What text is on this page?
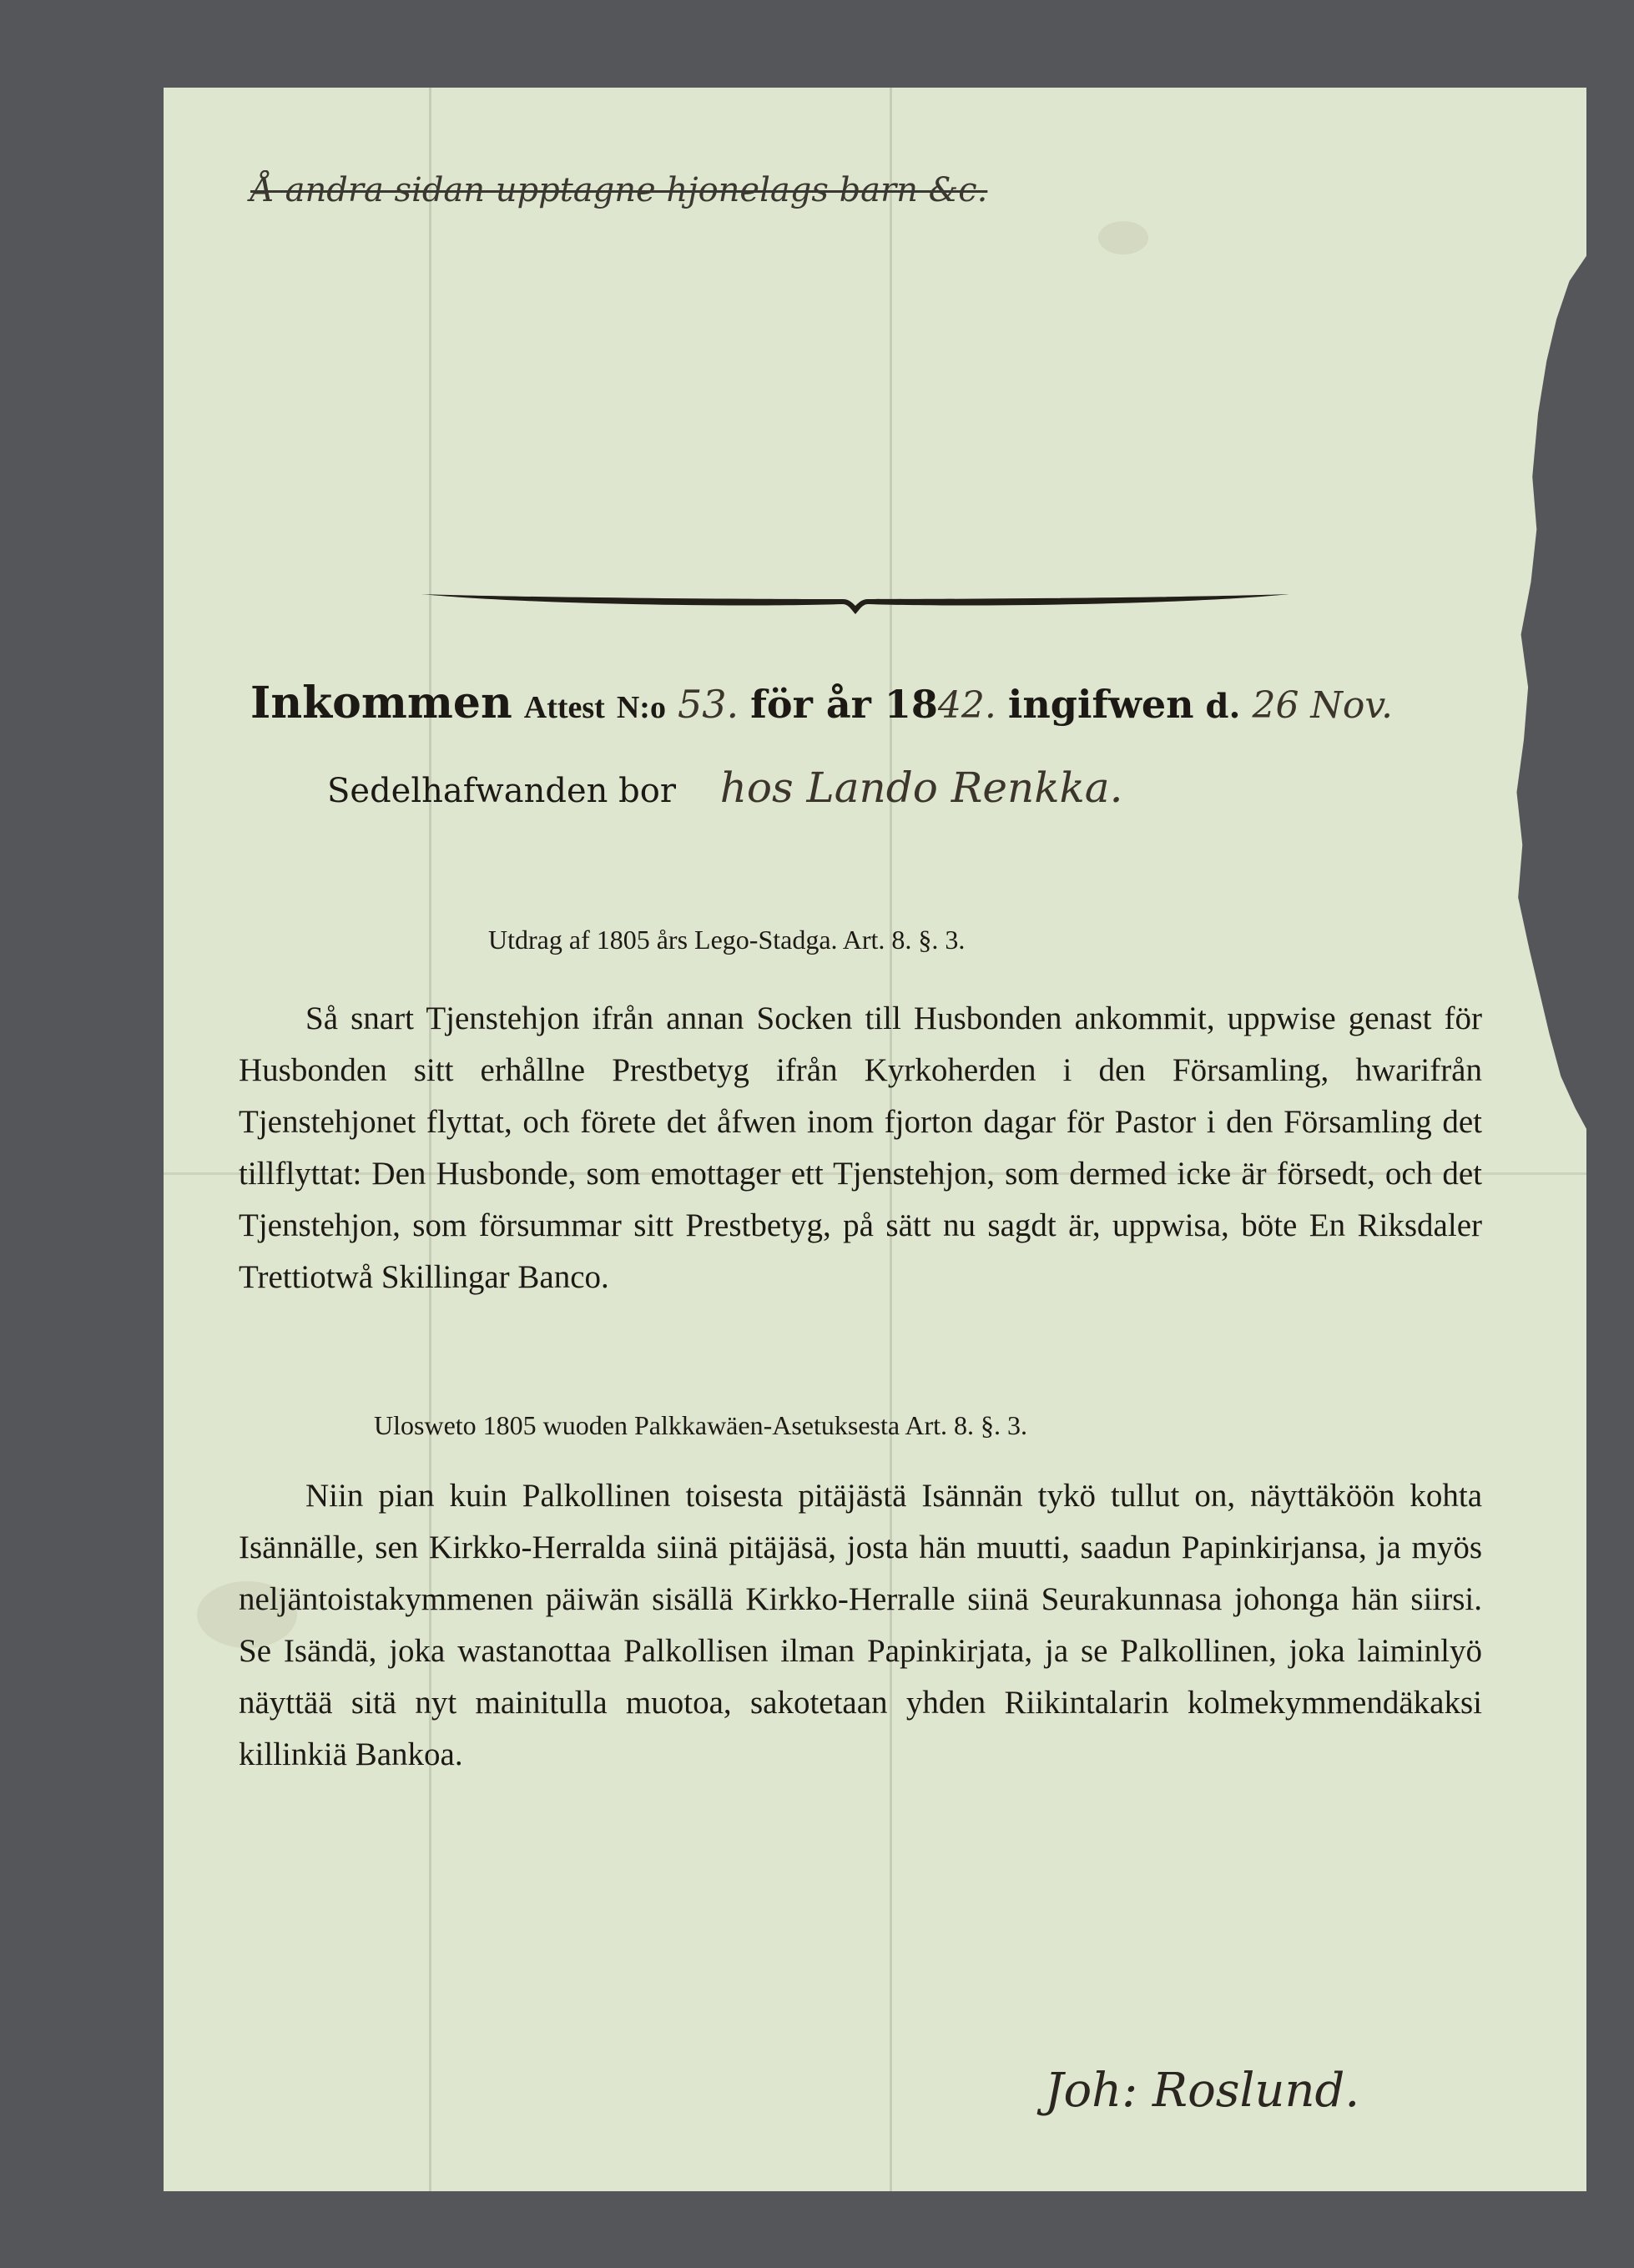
Å andra sidan upptagne hjonelags barn &c.
Inkommen Attest N:o 53. för år 1842. ingifwen d. 26 Nov.
Sedelhafwanden bor hos Lando Renkka.
Utdrag af 1805 års Lego-Stadga. Art. 8. §. 3.
Så snart Tjenstehjon ifrån annan Socken till Husbonden ankommit, uppwise genast för Husbonden sitt erhållne Prestbetyg ifrån Kyrkoherden i den Församling, hwarifrån Tjenstehjonet flyttat, och förete det åfwen inom fjorton dagar för Pastor i den Församling det tillflyttat: Den Husbonde, som emottager ett Tjenstehjon, som dermed icke är försedt, och det Tjenstehjon, som försummar sitt Prestbetyg, på sätt nu sagdt är, uppwisa, böte En Riksdaler Trettiotwå Skillingar Banco.
Ulosweto 1805 wuoden Palkkawäen-Asetuksesta Art. 8. §. 3.
Niin pian kuin Palkollinen toisesta pitäjästä Isännän tykö tullut on, näyttäköön kohta Isännälle, sen Kirkko-Herralda siinä pitäjäsä, josta hän muutti, saadun Papinkirjansa, ja myös neljäntoistakymmenen päiwän sisällä Kirkko-Herralle siinä Seurakunnasa johonga hän siirsi. Se Isändä, joka wastanottaa Palkollisen ilman Papinkirjata, ja se Palkollinen, joka laiminlyö näyttää sitä nyt mainitulla muotoa, sakotetaan yhden Riikintalarin kolmekymmendäkaksi killinkiä Bankoa.
Joh: Roslund.
